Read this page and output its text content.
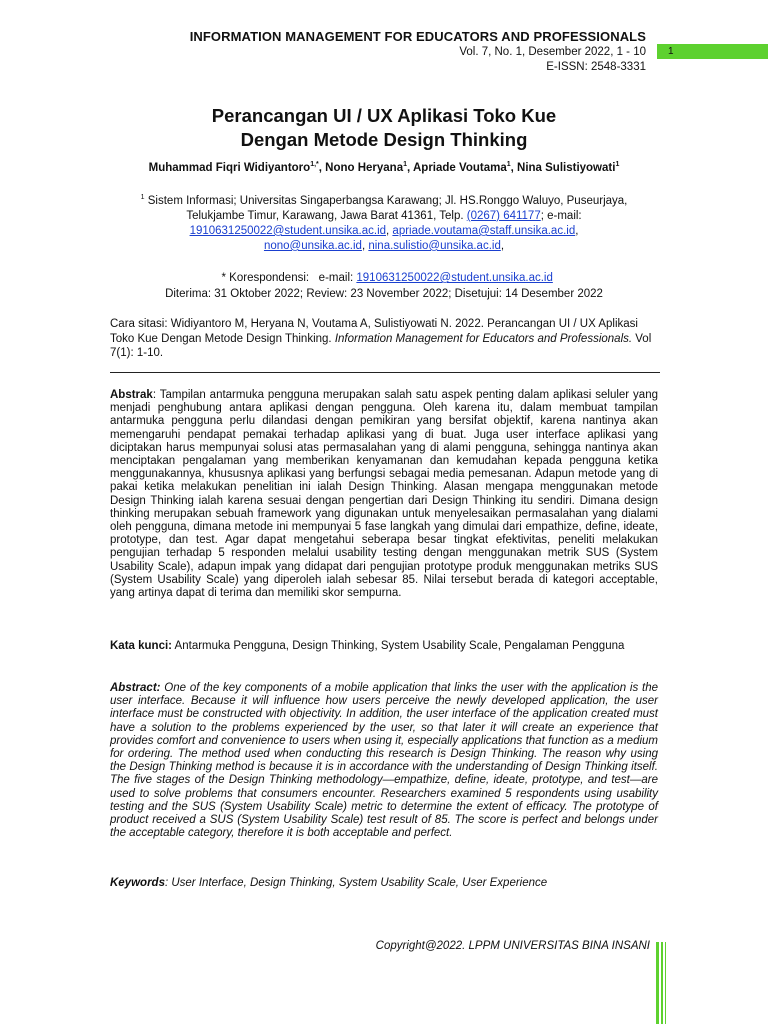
INFORMATION MANAGEMENT FOR EDUCATORS AND PROFESSIONALS
Vol. 7, No. 1, Desember 2022, 1 - 10
E-ISSN: 2548-3331
1
Perancangan UI / UX Aplikasi Toko Kue
Dengan Metode Design Thinking
Muhammad Fiqri Widiyantoro$^{1,*}$, Nono Heryana$^1$, Apriade Voutama$^1$, Nina Sulistiyowati$^1$
$^1$ Sistem Informasi; Universitas Singaperbangsa Karawang; Jl. HS.Ronggo Waluyo, Puseurjaya,
Telukjambe Timur, Karawang, Jawa Barat 41361, Telp. (0267) 641177; e-mail:
1910631250022@student.unsika.ac.id, apriade.voutama@staff.unsika.ac.id,
nono@unsika.ac.id, nina.sulistio@unsika.ac.id,

* Korespondensi:   e-mail: 1910631250022@student.unsika.ac.id

Diterima: 31 Oktober 2022; Review: 23 November 2022; Disetujui: 14 Desember 2022
Cara sitasi: Widiyantoro M, Heryana N, Voutama A, Sulistiyowati N. 2022. Perancangan UI / UX Aplikasi Toko Kue Dengan Metode Design Thinking. Information Management for Educators and Professionals. Vol 7(1): 1-10.
Abstrak: Tampilan antarmuka pengguna merupakan salah satu aspek penting dalam aplikasi seluler yang menjadi penghubung antara aplikasi dengan pengguna. Oleh karena itu, dalam membuat tampilan antarmuka pengguna perlu dilandasi dengan pemikiran yang bersifat objektif, karena nantinya akan memengaruhi pendapat pemakai terhadap aplikasi yang di buat. Juga user interface aplikasi yang diciptakan harus mempunyai solusi atas permasalahan yang di alami pengguna, sehingga nantinya akan menciptakan pengalaman yang memberikan kenyamanan dan kemudahan kepada pengguna ketika menggunakannya, khususnya aplikasi yang berfungsi sebagai media pemesanan. Adapun metode yang di pakai ketika melakukan penelitian ini ialah Design Thinking. Alasan mengapa menggunakan metode Design Thinking ialah karena sesuai dengan pengertian dari Design Thinking itu sendiri. Dimana design thinking merupakan sebuah framework yang digunakan untuk menyelesaikan permasalahan yang dialami oleh pengguna, dimana metode ini mempunyai 5 fase langkah yang dimulai dari empathize, define, ideate, prototype, dan test. Agar dapat mengetahui seberapa besar tingkat efektivitas, peneliti melakukan pengujian terhadap 5 responden melalui usability testing dengan menggunakan metrik SUS (System Usability Scale), adapun impak yang didapat dari pengujian prototype produk menggunakan metriks SUS (System Usability Scale) yang diperoleh ialah sebesar 85. Nilai tersebut berada di kategori acceptable, yang artinya dapat di terima dan memiliki skor sempurna.
Kata kunci: Antarmuka Pengguna, Design Thinking, System Usability Scale, Pengalaman Pengguna
Abstract: One of the key components of a mobile application that links the user with the application is the user interface. Because it will influence how users perceive the newly developed application, the user interface must be constructed with objectivity. In addition, the user interface of the application created must have a solution to the problems experienced by the user, so that later it will create an experience that provides comfort and convenience to users when using it, especially applications that function as a medium for ordering. The method used when conducting this research is Design Thinking. The reason why using the Design Thinking method is because it is in accordance with the understanding of Design Thinking itself. The five stages of the Design Thinking methodology—empathize, define, ideate, prototype, and test—are used to solve problems that consumers encounter. Researchers examined 5 respondents using usability testing and the SUS (System Usability Scale) metric to determine the extent of efficacy. The prototype of product received a SUS (System Usability Scale) test result of 85. The score is perfect and belongs under the acceptable category, therefore it is both acceptable and perfect.
Keywords: User Interface, Design Thinking, System Usability Scale, User Experience
Copyright@2022. LPPM UNIVERSITAS BINA INSANI
